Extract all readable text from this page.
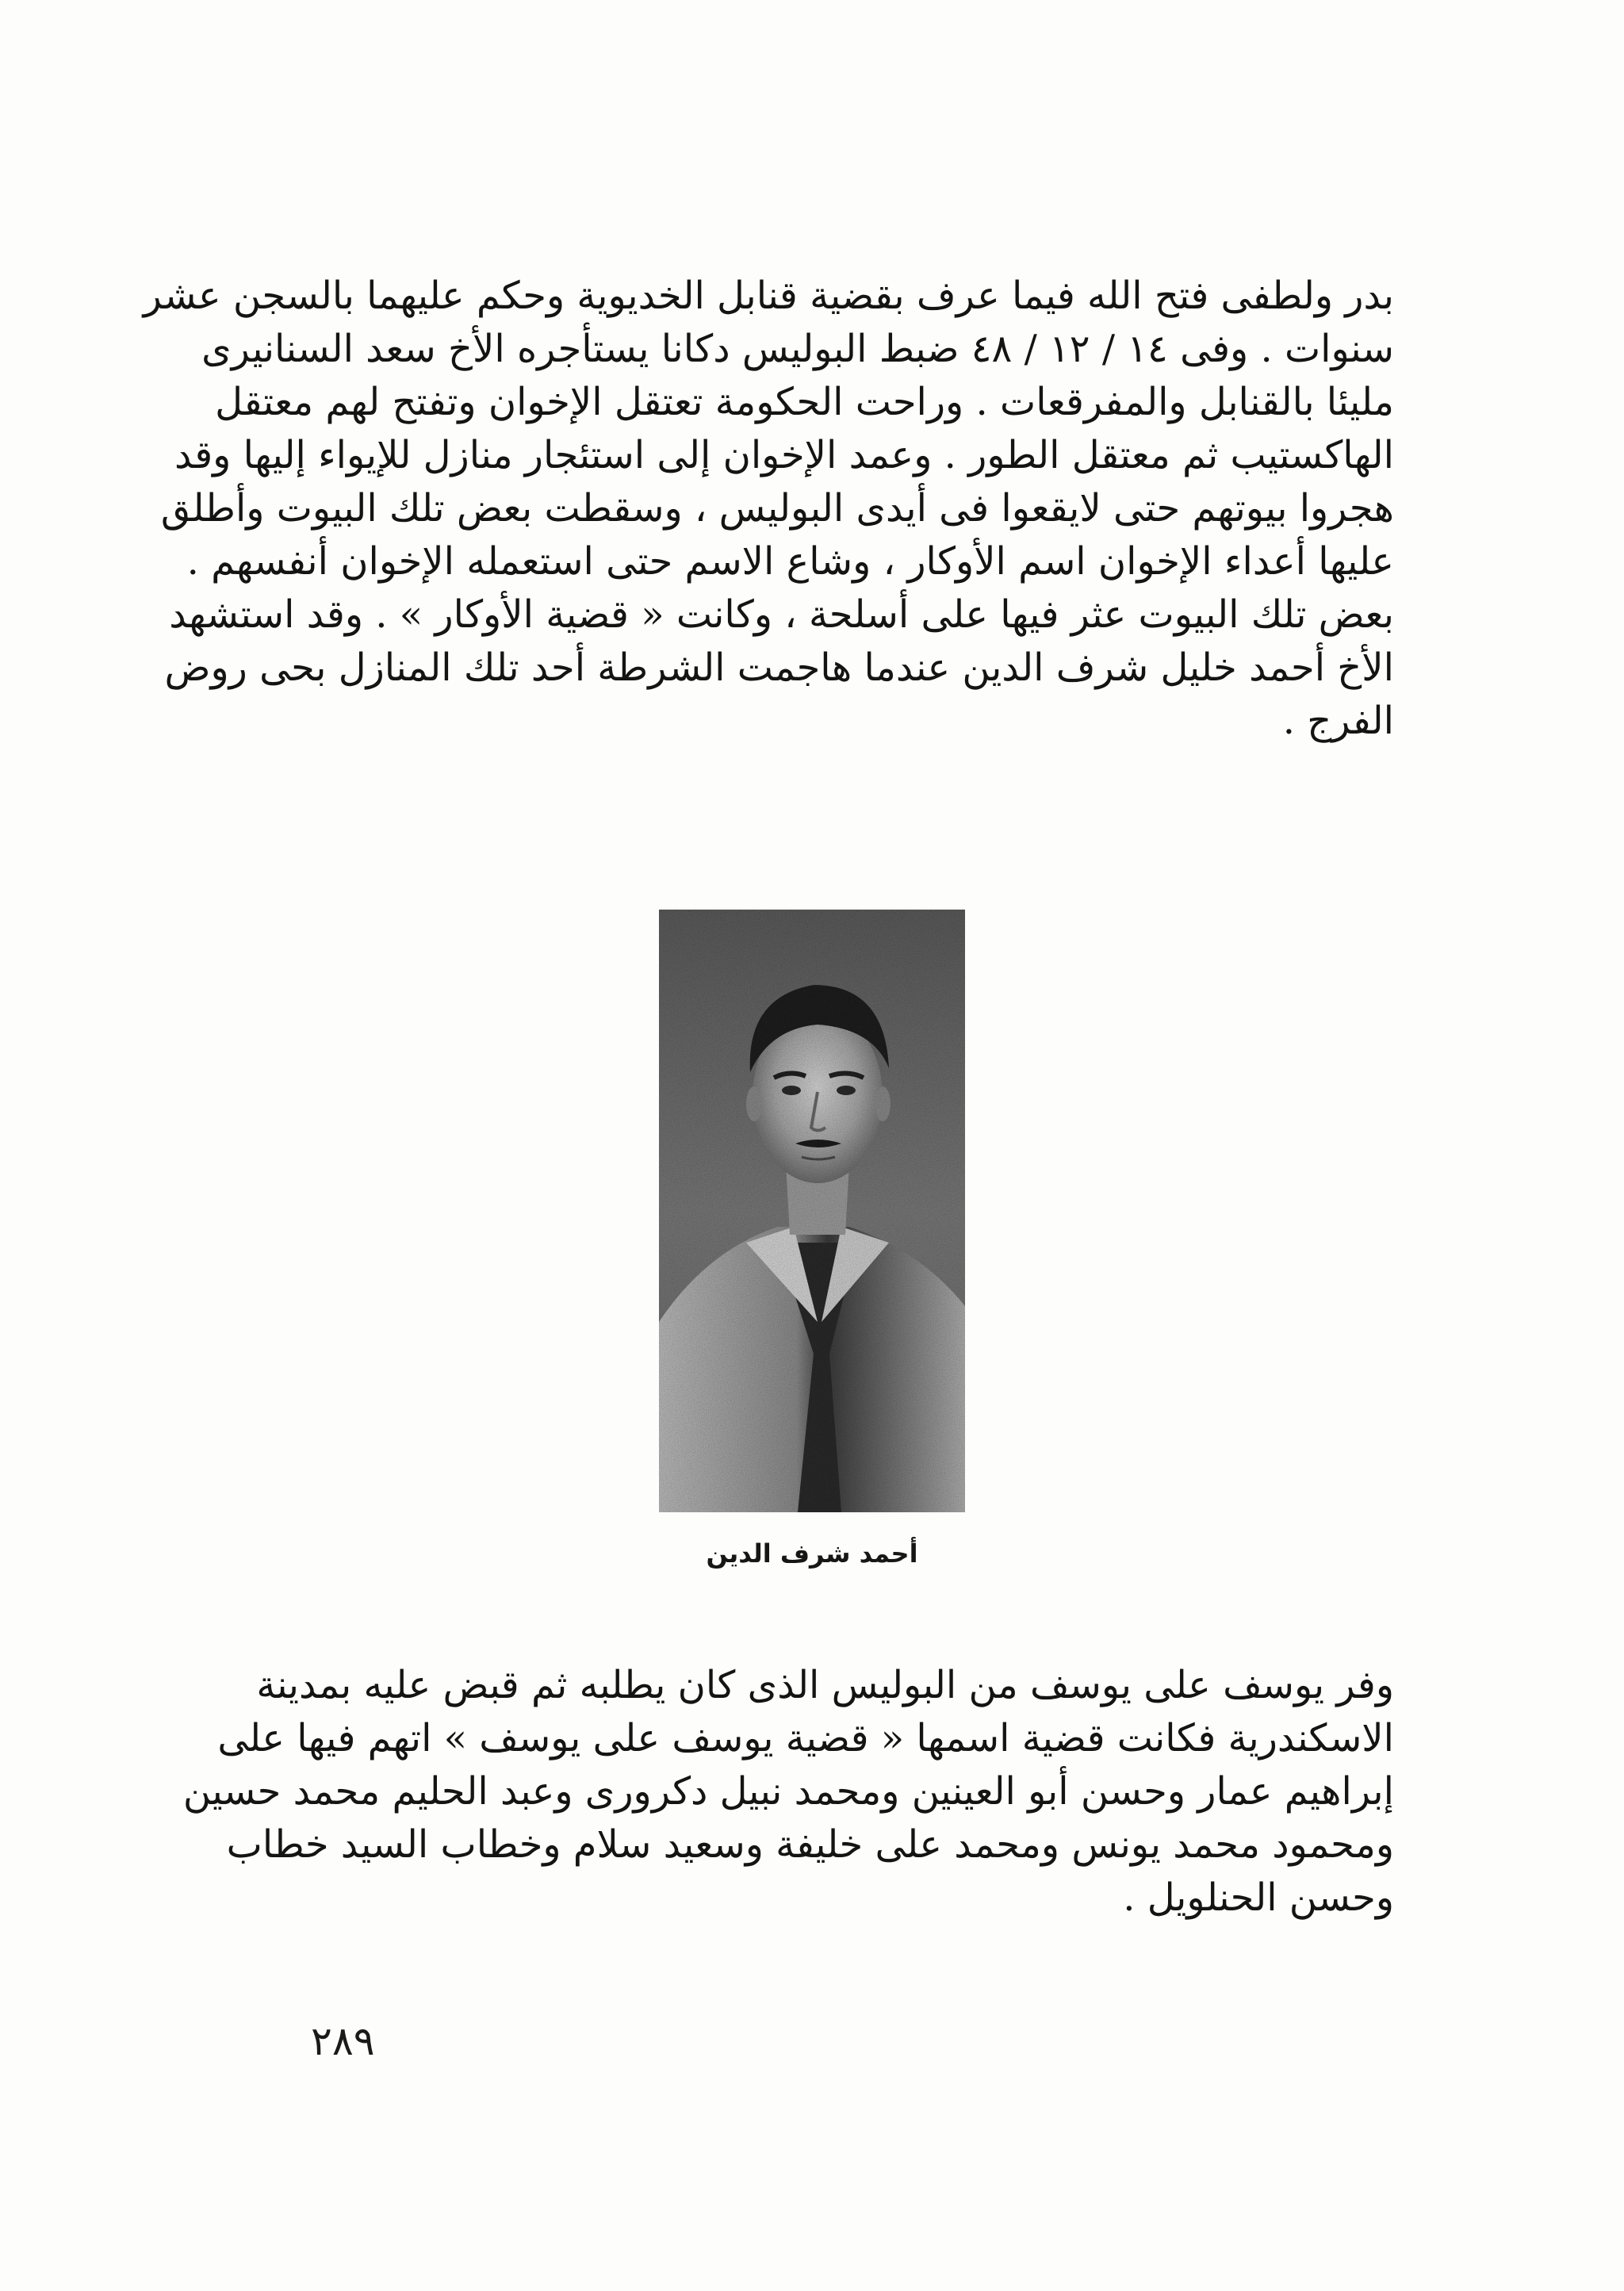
بدر ولطفى فتح الله فيما عرف بقضية قنابل الخديوية وحكم عليهما بالسجن عشر
سنوات . وفى ١٤ / ١٢ / ٤٨ ضبط البوليس دكانا يستأجره الأخ سعد السنانيرى
مليئا بالقنابل والمفرقعات . وراحت الحكومة تعتقل الإخوان وتفتح لهم معتقل
الهاكستيب ثم معتقل الطور . وعمد الإخوان إلى استئجار منازل للإيواء إليها وقد
هجروا بيوتهم حتى لايقعوا فى أيدى البوليس ، وسقطت بعض تلك البيوت وأطلق
عليها أعداء الإخوان اسم الأوكار ، وشاع الاسم حتى استعمله الإخوان أنفسهم .
بعض تلك البيوت عثر فيها على أسلحة ، وكانت « قضية الأوكار » . وقد استشهد
الأخ أحمد خليل شرف الدين عندما هاجمت الشرطة أحد تلك المنازل بحى روض
الفرج .
أحمد شرف الدين
وفر يوسف على يوسف من البوليس الذى كان يطلبه ثم قبض عليه بمدينة
الاسكندرية فكانت قضية اسمها « قضية يوسف على يوسف » اتهم فيها على
إبراهيم عمار وحسن أبو العينين ومحمد نبيل دكرورى وعبد الحليم محمد حسين
ومحمود محمد يونس ومحمد على خليفة وسعيد سلام وخطاب السيد خطاب
وحسن الحنلويل .
٢٨٩
